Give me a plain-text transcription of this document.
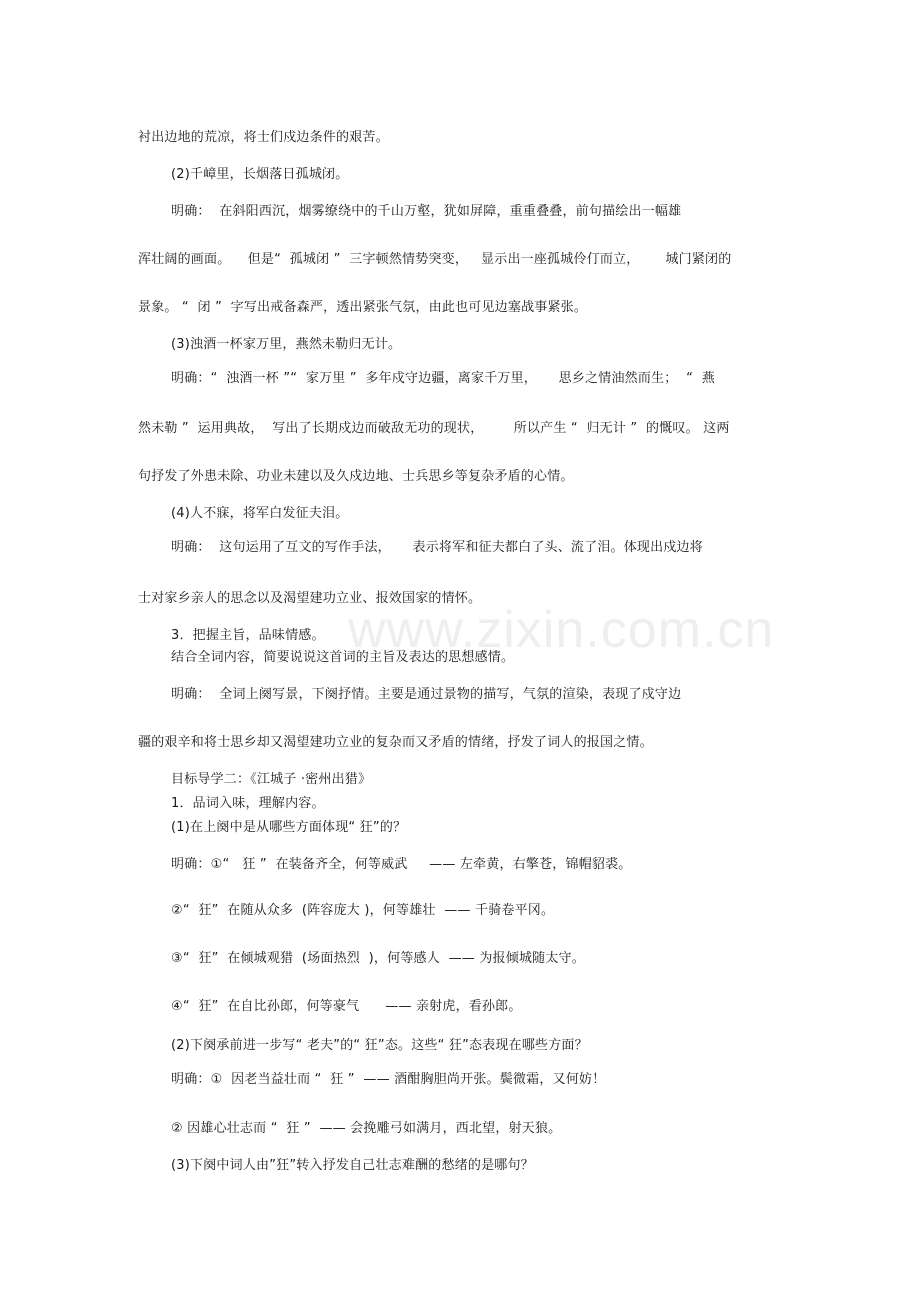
www.zixin.com.cn
衬出边地的荒凉，将士们戍边条件的艰苦。
(2)千嶂里，长烟落日孤城闭。
明确：  在斜阳西沉，烟雾缭绕中的千山万壑，犹如屏障，重重叠叠，前句描绘出一幅雄
浑壮阔的画面。    但是“  孤城闭 ”  三字顿然情势突变，   显示出一座孤城伶仃而立，      城门紧闭的
景象。 “  闭 ”  字写出戒备森严，透出紧张气氛，由此也可见边塞战事紧张。
(3)浊酒一杯家万里，燕然未勒归无计。
明确：“  浊酒一杯 ”“  家万里 ”  多年戍守边疆，离家千万里，     思乡之情油然而生；  “  燕
然未勒 ”  运用典故，  写出了长期戍边而破敌无功的现状，       所以产生 “  归无计 ”  的慨叹。 这两
句抒发了外患未除、功业未建以及久戍边地、士兵思乡等复杂矛盾的心情。
(4)人不寐，将军白发征夫泪。
明确：  这句运用了互文的写作手法，     表示将军和征夫都白了头、流了泪。体现出戍边将
士对家乡亲人的思念以及渴望建功立业、报效国家的情怀。
3．把握主旨，品味情感。
结合全词内容，简要说说这首词的主旨及表达的思想感情。
明确：  全词上阕写景，下阕抒情。主要是通过景物的描写，气氛的渲染，表现了戍守边
疆的艰辛和将士思乡却又渴望建功立业的复杂而又矛盾的情绪，抒发了词人的报国之情。
目标导学二：《江城子 ·密州出猎》
1．品词入味，理解内容。
(1)在上阕中是从哪些方面体现“ 狂”的？
明确：①“   狂 ”  在装备齐全，何等威武     —— 左牵黄，右擎苍，锦帽貂裘。
②“  狂”  在随从众多  (阵容庞大 )，何等雄壮  —— 千骑卷平冈。
③“  狂”  在倾城观猎  (场面热烈  )，何等感人  —— 为报倾城随太守。
④“  狂”  在自比孙郎，何等豪气      —— 亲射虎，看孙郎。
(2)下阕承前进一步写“ 老夫”的“ 狂”态。这些“ 狂”态表现在哪些方面？
明确：①  因老当益壮而 “  狂 ”  —— 酒酣胸胆尚开张。鬓微霜，又何妨！
② 因雄心壮志而 “  狂 ”  —— 会挽雕弓如满月，西北望，射天狼。
(3)下阕中词人由”狂”转入抒发自己壮志难酬的愁绪的是哪句？
